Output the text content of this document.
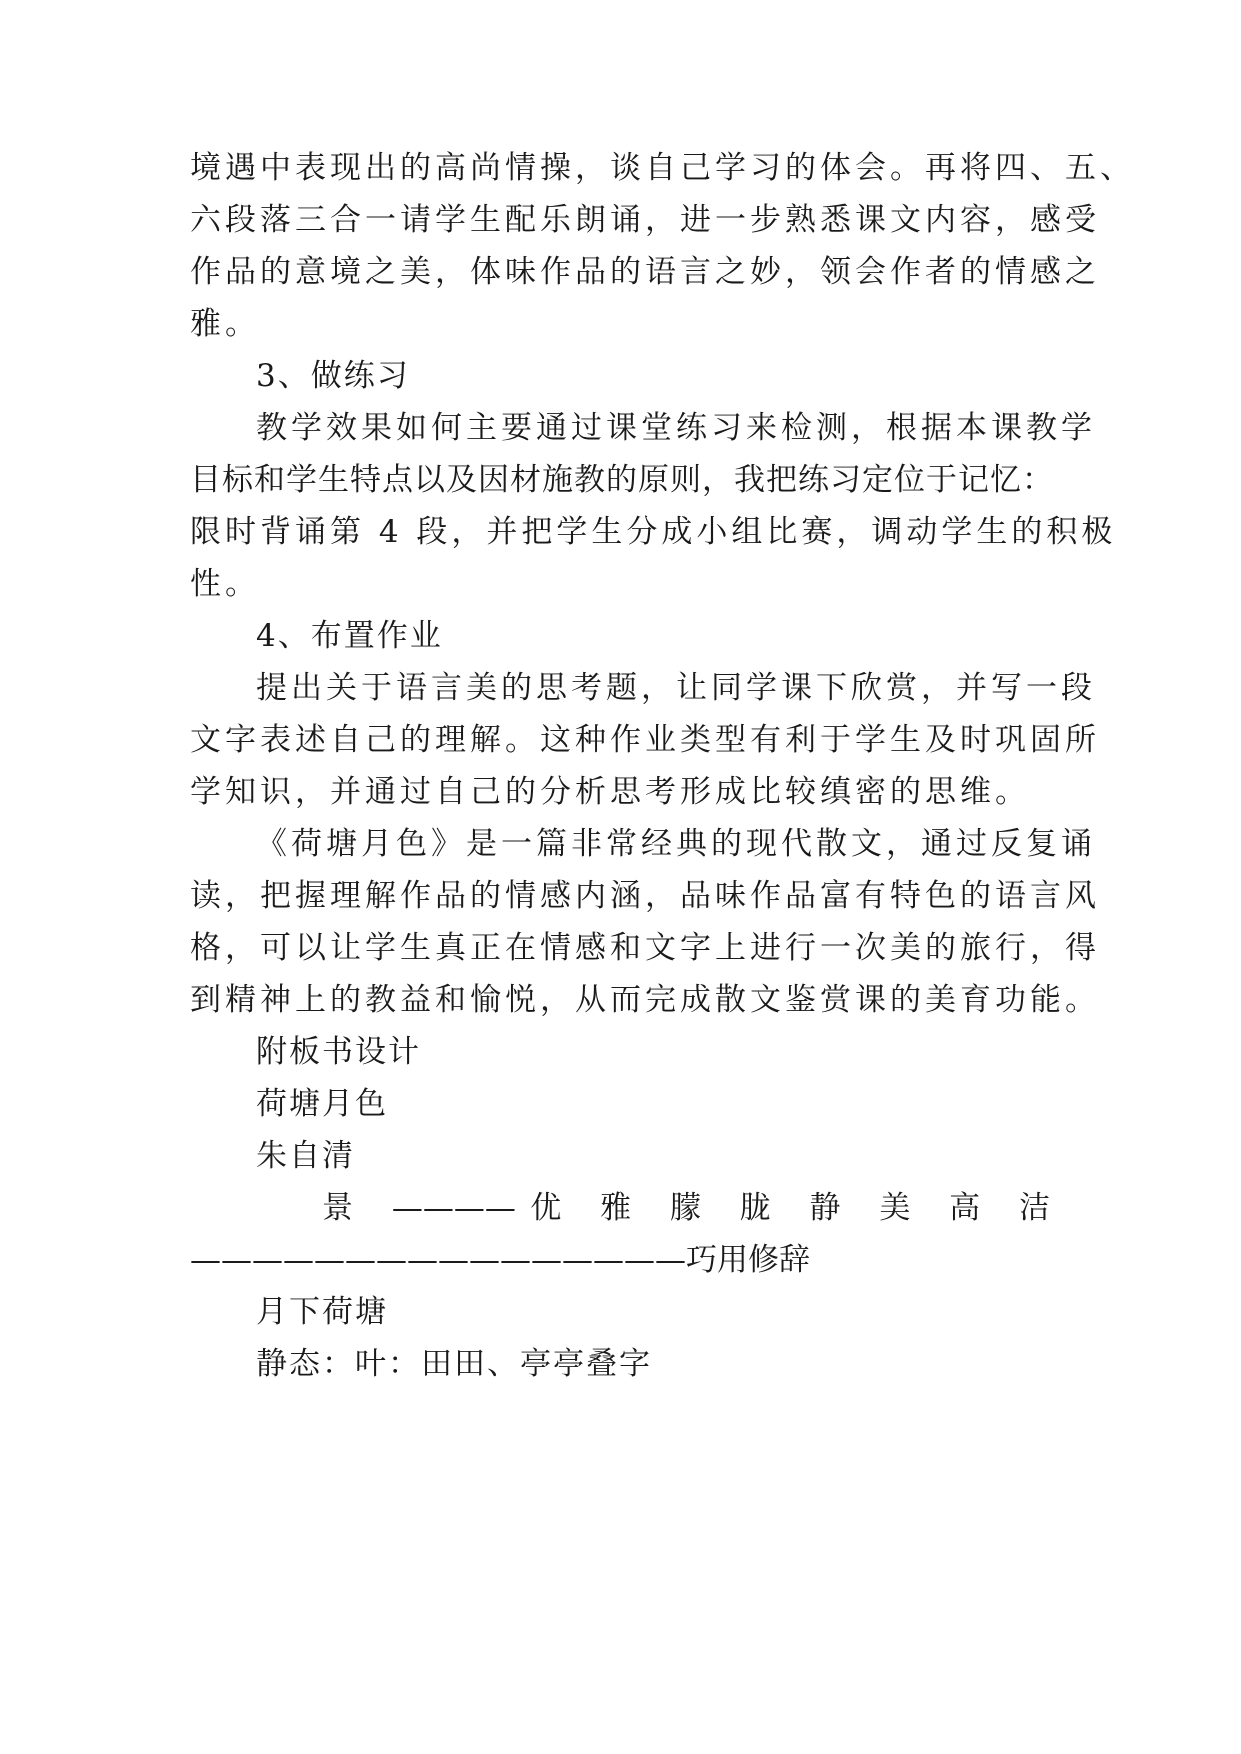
境遇中表现出的高尚情操，谈自己学习的体会。再将四、五、
六段落三合一请学生配乐朗诵，进一步熟悉课文内容，感受
作品的意境之美，体味作品的语言之妙，领会作者的情感之
雅。
3、做练习
教学效果如何主要通过课堂练习来检测，根据本课教学
目标和学生特点以及因材施教的原则，我把练习定位于记忆：
限时背诵第 4 段，并把学生分成小组比赛，调动学生的积极
性。
4、布置作业
提出关于语言美的思考题，让同学课下欣赏，并写一段
文字表述自己的理解。这种作业类型有利于学生及时巩固所
学知识，并通过自己的分析思考形成比较缜密的思维。
《荷塘月色》是一篇非常经典的现代散文，通过反复诵
读，把握理解作品的情感内涵，品味作品富有特色的语言风
格，可以让学生真正在情感和文字上进行一次美的旅行，得
到精神上的教益和愉悦，从而完成散文鉴赏课的美育功能。
附板书设计
荷塘月色
朱自清
景 ————优 雅 朦 胧 静 美 高 洁
————————————————巧用修辞
月下荷塘
静态：叶：田田、亭亭叠字
